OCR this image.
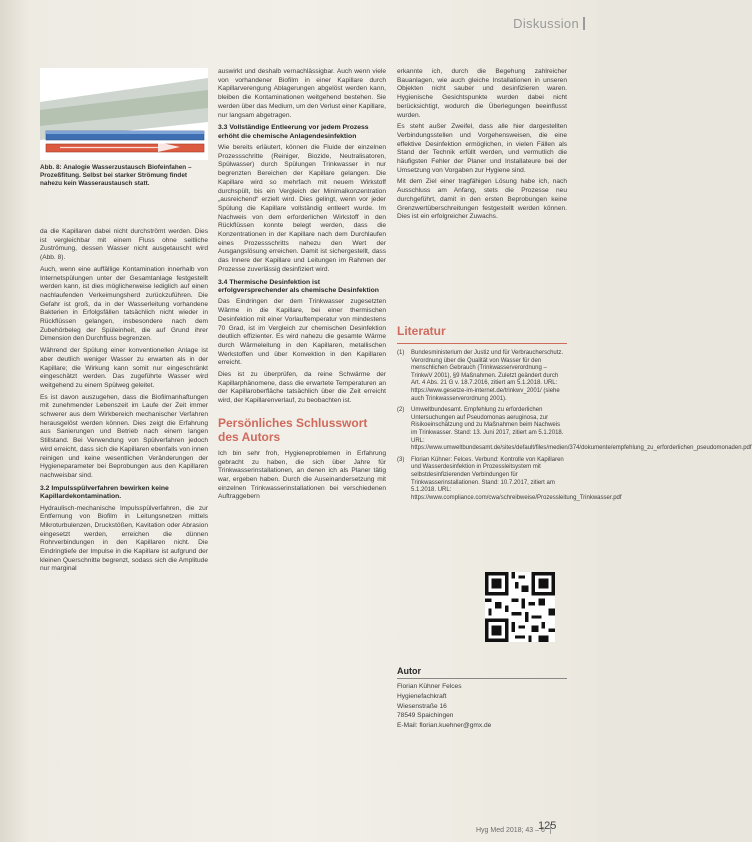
Diskussion
Abb. 8: Analogie Wasserzustausch Biofeinfahen – Prozeßfitung. Selbst bei starker Strömung findet nahezu kein Wasseraustausch statt.

da die Kapillaren dabei nicht durchströmt werden. Dies ist vergleichbar mit einem Fluss ohne seitliche Zuströmung, dessen Wasser nicht ausgetauscht wird (Abb. 8).

Auch, wenn eine auffällige Kontamination innerhalb von Internetspülungen unter der Gesamtanlage festgestellt werden kann, ist dies möglicherweise lediglich auf einen nachlaufenden Verkeimungsherd zurückzuführen. Die Gefahr ist groß, da in der Wasserleitung vorhandene Bakterien in Erfolgsfällen tatsächlich nicht wieder in Rückflüssen gelangen, insbesondere nach dem Zubehörbeleg der Spüleinheit, die auf Grund ihrer Dimension den Durchfluss begrenzen.

Während der Spülung einer konventionellen Anlage ist aber deutlich weniger Wasser zu erwarten als in der Kapillare; die Wirkung kann somit nur eingeschränkt eingeschätzt werden. Das zugeführte Wasser wird weitgehend zu einem Spülweg geleitet.

Es ist davon auszugehen, dass die Biofilmanhaftungen mit zunehmender Lebenszeit im Laufe der Zeit immer schwerer aus dem Wirkbereich mechanischer Verfahren herausgelöst werden können. Dies zeigt die Erfahrung aus Sanierungen und Betrieb nach einem langen Stillstand. Bei Verwendung von Spülverfahren jedoch wird erreicht, dass sich die Kapillaren ebenfalls von innen reinigen und keine wesentlichen Veränderungen der Hygieneparameter bei Beprobungen aus den Kapillaren nachweisbar sind.

3.2 Impulsspülverfahren bewirken keine Kapillardekontamination.

Hydraulisch-mechanische Impulsspülverfahren, die zur Entfernung von Biofilm in Leitungsnetzen mittels Mikroturbulenzen, Druckstößen, Kavitation oder Abrasion eingesetzt werden, erreichen die dünnen Rohrverbindungen in den Kapillaren nicht. Die Eindringtiefe der Impulse in die Kapillare ist aufgrund der kleinen Querschnitte begrenzt, sodass sich die Amplitude nur marginal

auswirkt und deshalb vernachlässigbar. Auch wenn viele von vorhandener Biofilm in einer Kapillare durch Kapillarverengung Ablagerungen abgelöst werden kann, bleiben die Kontaminationen weitgehend bestehen. Sie werden über das Medium, um den Verlust einer Kapillare, nur langsam abgetragen.

3.3 Vollständige Entleerung vor jedem Prozess erhöht die chemische Anlagendesinfektion

Wie bereits erläutert, können die Fluide der einzelnen Prozessschritte (Reiniger, Biozide, Neutralisatoren, Spülwasser) durch Spülungen Trinkwasser in nur begrenzten Bereichen der Kapillare gelangen. Die Kapillare wird so mehrfach mit neuem Wirkstoff durchspült, bis ein Vergleich der Minimalkonzentration „ausreichend“ erzielt wird. Dies gelingt, wenn vor jeder Spülung die Kapillare vollständig entleert wurde. Im Nachweis von dem erforderlichen Wirkstoff in den Rückflüssen konnte belegt werden, dass die Konzentrationen in der Kapillare nach dem Durchlaufen eines Prozessschritts nahezu den Wert der Ausgangslösung erreichen. Damit ist sichergestellt, dass das Innere der Kapillare und Leitungen im Rahmen der Prozesse zuverlässig desinfiziert wird.

3.4 Thermische Desinfektion ist erfolgversprechender als chemische Desinfektion

Das Eindringen der dem Trinkwasser zugesetzten Wärme in die Kapillare, bei einer thermischen Desinfektion mit einer Vorlauftemperatur von mindestens 70 Grad, ist im Vergleich zur chemischen Desinfektion deutlich effizienter. Es wird nahezu die gesamte Wärme durch Wärmeleitung in den Kapillaren, metallischen Werkstoffen und über Konvektion in den Kapillaren erreicht.

Dies ist zu überprüfen, da reine Schwärme der Kapillarphänomene, dass die erwartete Temperaturen an der Kapillaroberfläche tatsächlich über die Zeit erreicht wird, der Kapillarenverlauf, zu beobachten ist.

Persönliches Schlusswort des Autors

Ich bin sehr froh, Hygieneproblemen in Erfahrung gebracht zu haben, die sich über Jahre für Trinkwasserinstallationen, an denen ich als Planer tätig war, ergeben haben. Durch die Auseinandersetzung mit einzelnen Trinkwasserinstallationen bei verschiedenen Auftraggebern

erkannte ich, durch die Begehung zahlreicher Bauanlagen, wie auch gleiche Installationen in unseren Objekten nicht sauber und desinfizieren waren. Hygienische Gesichtspunkte wurden dabei nicht berücksichtigt, wodurch die Überlegungen beeinflusst wurden.

Es steht außer Zweifel, dass alle hier dargestellten Verbindungsstellen und Vorgehensweisen, die eine effektive Desinfektion ermöglichen, in vielen Fällen als Stand der Technik erfüllt werden, und vermutlich die häufigsten Fehler der Planer und Installateure bei der Umsetzung von Vorgaben zur Hygiene sind.

Mit dem Ziel einer tragfähigen Lösung habe ich, nach Ausschluss am Anfang, stets die Prozesse neu durchgeführt, damit in den ersten Beprobungen keine Grenzwertüberschreitungen festgestellt werden können. Dies ist ein erfolgreicher Zuwachs.

Literatur
(1) Bundesministerium der Justiz und für Verbraucherschutz. Verordnung über die Qualität von Wasser für den menschlichen Gebrauch (Trinkwasserverordnung – TrinkwV 2001), §9 Maßnahmen. Zuletzt geändert durch Art. 4 Abs. 21 G v. 18.7.2016, zitiert am 5.1.2018. URL: https://www.gesetze-im-internet.de/trinkwv_2001/ (siehe auch Trinkwasserverordnung 2001).
(2) Umweltbundesamt. Empfehlung zu erforderlichen Untersuchungen auf Pseudomonas aeruginosa, zur Risikoeinschätzung und zu Maßnahmen beim Nachweis im Trinkwasser. Stand: 13. Juni 2017, zitiert am 5.1.2018. URL: https://www.umweltbundesamt.de/sites/default/files/medien/374/dokumente/empfehlung_zu_erforderlichen_pseudomonaden.pdf
(3) Florian Kühner: Felces. Verbund: Kontrolle von Kapillaren und Wasserdesinfektion in Prozessleitsystem mit selbstdesinfizierenden Verbindungen für Trinkwasserinstallationen. Stand: 10.7.2017, zitiert am 5.1.2018. URL: https://www.compliance.com/cwa/schreibweise/Prozessleitung_Trinkwasser.pdf
Autor
Florian Kühner Felces
Hygienefachkraft
Wiesenstraße 16
78549 Spaichingen
E-Mail: florian.kuehner@gmx.de
Hyg Med 2018; 43 – 6
125
